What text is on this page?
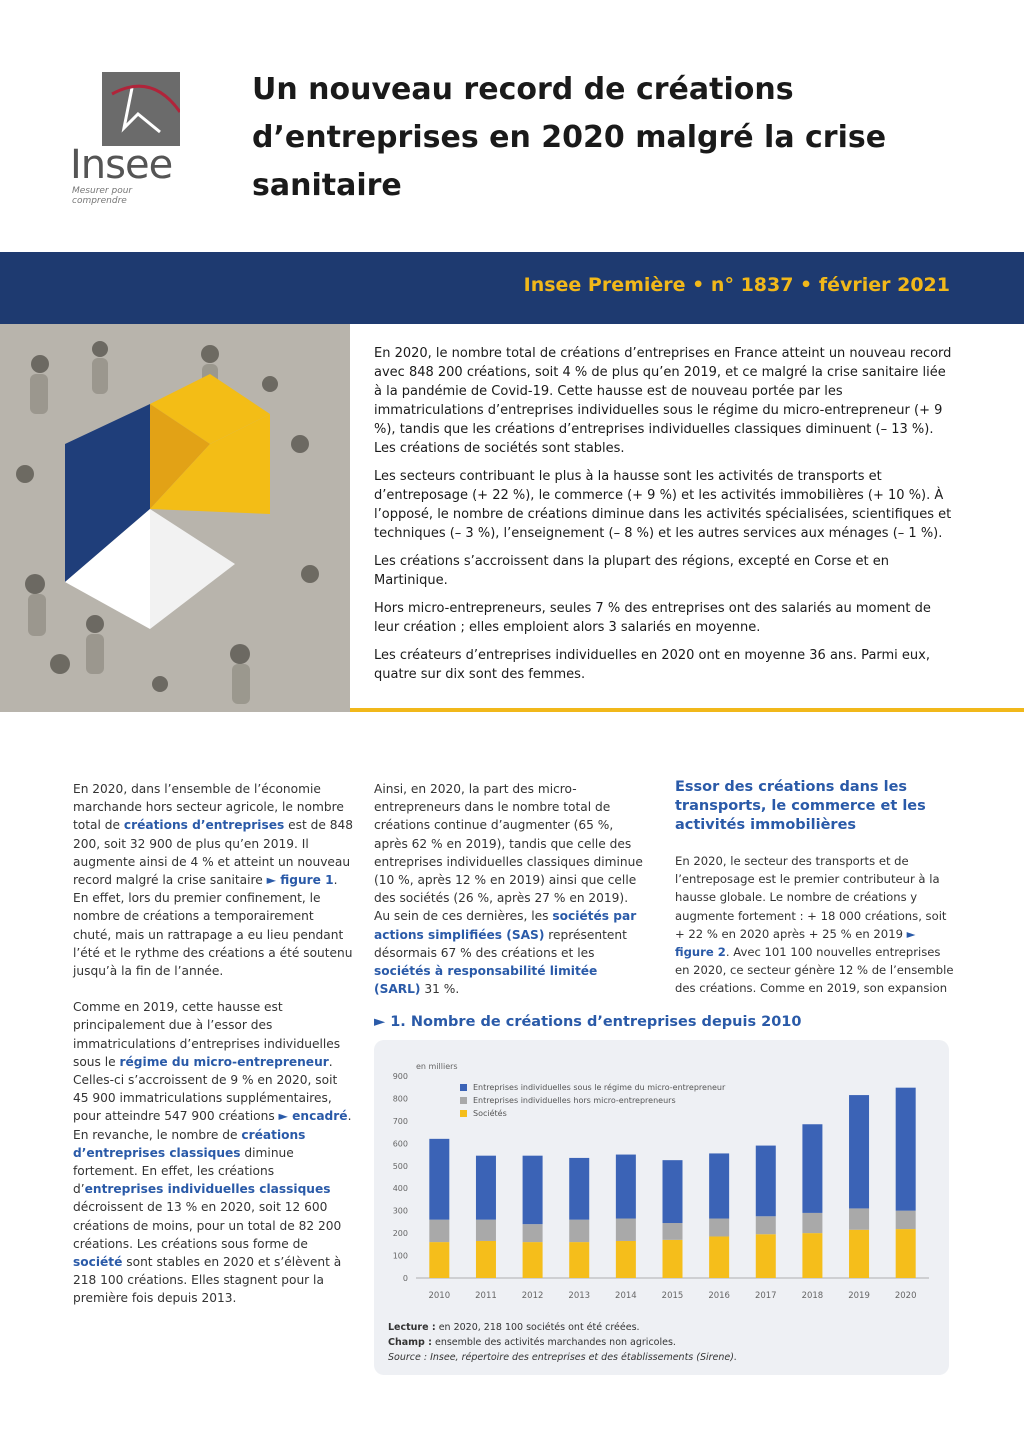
Insee
Mesurer pour comprendre
Un nouveau record de créations d’entreprises en 2020 malgré la crise sanitaire
Insee Première • n° 1837 • février 2021

En 2020, le nombre total de créations d’entreprises en France atteint un nouveau record avec 848 200 créations, soit 4 % de plus qu’en 2019, et ce malgré la crise sanitaire liée à la pandémie de Covid-19. Cette hausse est de nouveau portée par les immatriculations d’entreprises individuelles sous le régime du micro-entrepreneur (+ 9 %), tandis que les créations d’entreprises individuelles classiques diminuent (– 13 %). Les créations de sociétés sont stables.

Les secteurs contribuant le plus à la hausse sont les activités de transports et d’entreposage (+ 22 %), le commerce (+ 9 %) et les activités immobilières (+ 10 %). À l’opposé, le nombre de créations diminue dans les activités spécialisées, scientifiques et techniques (– 3 %), l’enseignement (– 8 %) et les autres services aux ménages (– 1 %).

Les créations s’accroissent dans la plupart des régions, excepté en Corse et en Martinique.

Hors micro-entrepreneurs, seules 7 % des entreprises ont des salariés au moment de leur création ; elles emploient alors 3 salariés en moyenne.

Les créateurs d’entreprises individuelles en 2020 ont en moyenne 36 ans. Parmi eux, quatre sur dix sont des femmes.

En 2020, dans l’ensemble de l’économie marchande hors secteur agricole, le nombre total de créations d’entreprises est de 848 200, soit 32 900 de plus qu’en 2019. Il augmente ainsi de 4 % et atteint un nouveau record malgré la crise sanitaire ► figure 1. En effet, lors du premier confinement, le nombre de créations a temporairement chuté, mais un rattrapage a eu lieu pendant l’été et le rythme des créations a été soutenu jusqu’à la fin de l’année.

Comme en 2019, cette hausse est principalement due à l’essor des immatriculations d’entreprises individuelles sous le régime du micro-entrepreneur. Celles-ci s’accroissent de 9 % en 2020, soit 45 900 immatriculations supplémentaires, pour atteindre 547 900 créations ► encadré. En revanche, le nombre de créations d’entreprises classiques diminue fortement. En effet, les créations d’entreprises individuelles classiques décroissent de 13 % en 2020, soit 12 600 créations de moins, pour un total de 82 200 créations. Les créations sous forme de société sont stables en 2020 et s’élèvent à 218 100 créations. Elles stagnent pour la première fois depuis 2013.

Ainsi, en 2020, la part des micro-entrepreneurs dans le nombre total de créations continue d’augmenter (65 %, après 62 % en 2019), tandis que celle des entreprises individuelles classiques diminue (10 %, après 12 % en 2019) ainsi que celle des sociétés (26 %, après 27 % en 2019). Au sein de ces dernières, les sociétés par actions simplifiées (SAS) représentent désormais 67 % des créations et les sociétés à responsabilité limitée (SARL) 31 %.

Essor des créations dans les transports, le commerce et les activités immobilières

En 2020, le secteur des transports et de l’entreposage est le premier contributeur à la hausse globale. Le nombre de créations y augmente fortement : + 18 000 créations, soit + 22 % en 2020 après + 25 % en 2019 ► figure 2. Avec 101 100 nouvelles entreprises en 2020, ce secteur génère 12 % de l’ensemble des créations. Comme en 2019, son expansion

► 1. Nombre de créations d’entreprises depuis 2010
en milliers
0
100
200
300
400
500
600
700
800
900
2010	2011	2012	2013	2014	2015	2016	2017	2018	2019	2020
Entreprises individuelles sous le régime du micro-entrepreneur
Entreprises individuelles hors micro-entrepreneurs
Sociétés
Lecture : en 2020, 218 100 sociétés ont été créées.
Champ : ensemble des activités marchandes non agricoles.
Source : Insee, répertoire des entreprises et des établissements (Sirene).
